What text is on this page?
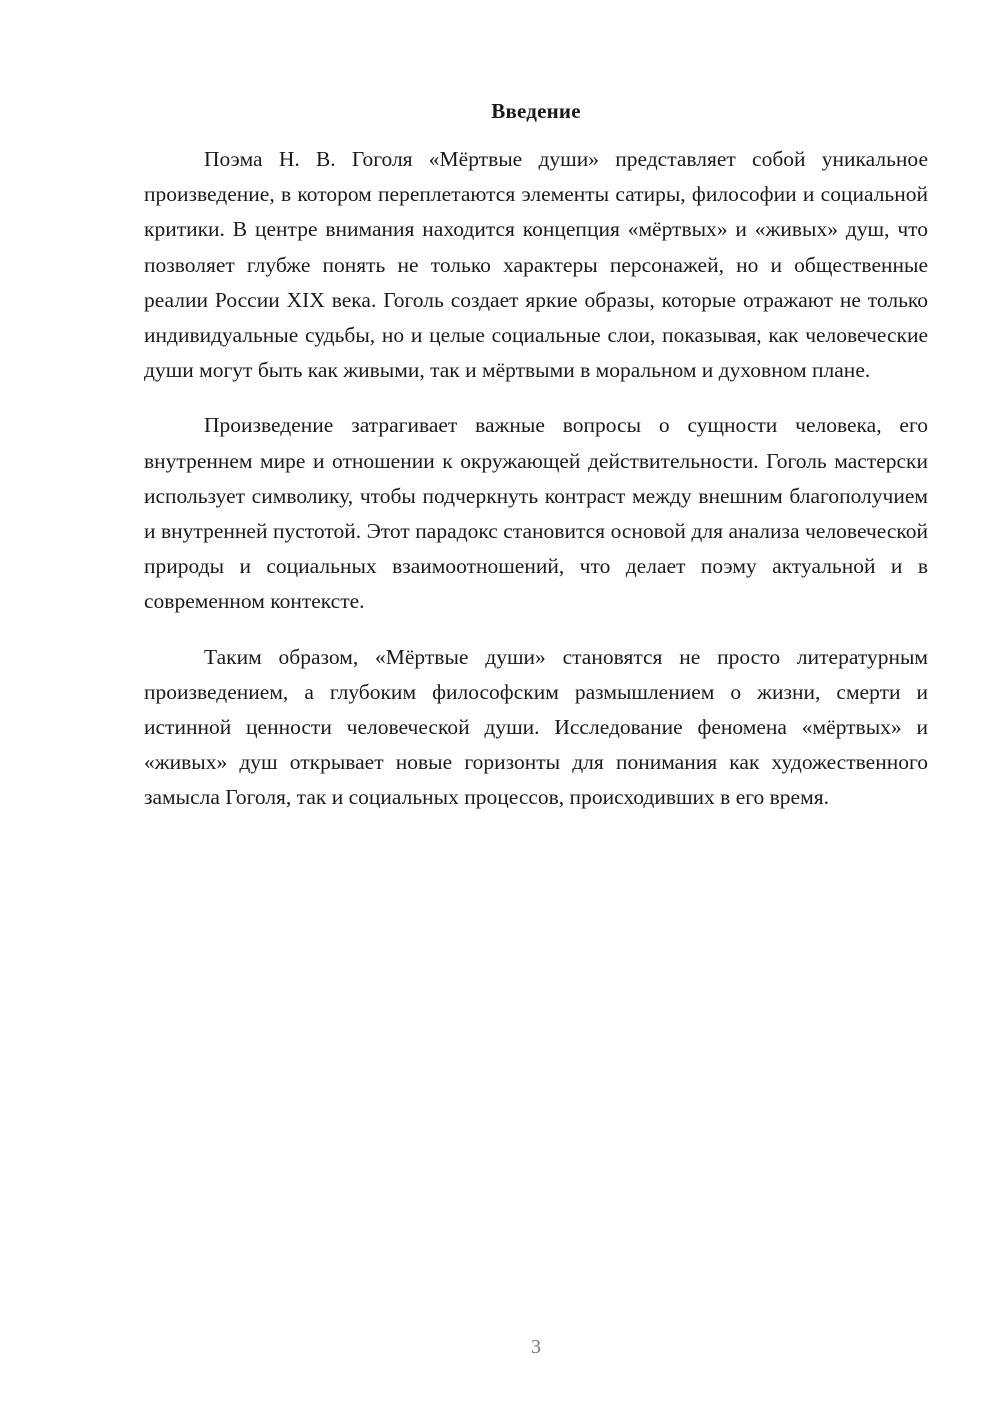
Введение

Поэма Н. В. Гоголя «Мёртвые души» представляет собой уникальное произведение, в котором переплетаются элементы сатиры, философии и социальной критики. В центре внимания находится концепция «мёртвых» и «живых» душ, что позволяет глубже понять не только характеры персонажей, но и общественные реалии России XIX века. Гоголь создает яркие образы, которые отражают не только индивидуальные судьбы, но и целые социальные слои, показывая, как человеческие души могут быть как живыми, так и мёртвыми в моральном и духовном плане.

Произведение затрагивает важные вопросы о сущности человека, его внутреннем мире и отношении к окружающей действительности. Гоголь мастерски использует символику, чтобы подчеркнуть контраст между внешним благополучием и внутренней пустотой. Этот парадокс становится основой для анализа человеческой природы и социальных взаимоотношений, что делает поэму актуальной и в современном контексте.

Таким образом, «Мёртвые души» становятся не просто литературным произведением, а глубоким философским размышлением о жизни, смерти и истинной ценности человеческой души. Исследование феномена «мёртвых» и «живых» душ открывает новые горизонты для понимания как художественного замысла Гоголя, так и социальных процессов, происходивших в его время.

3
